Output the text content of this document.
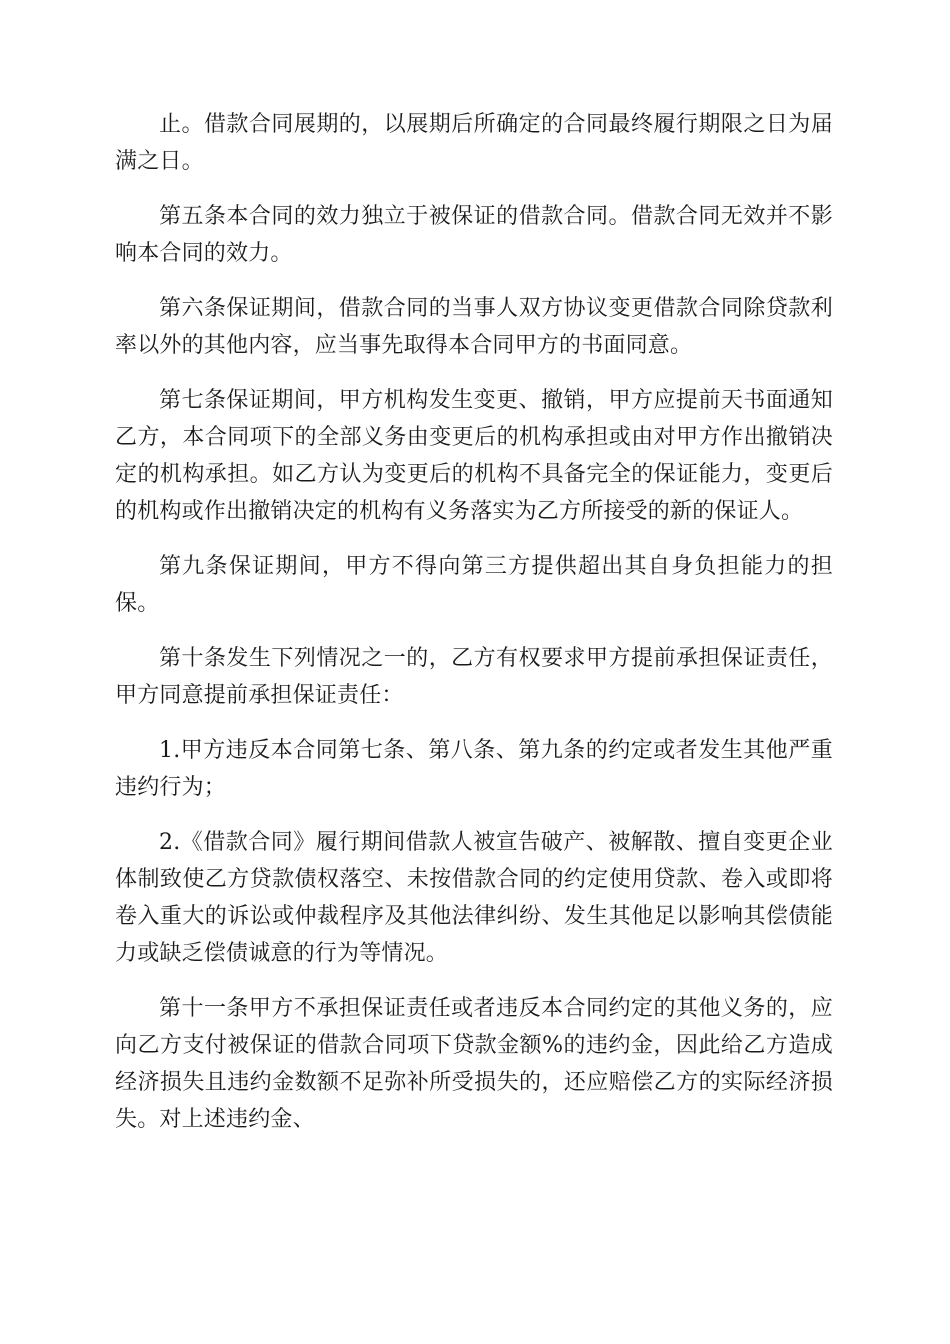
止。借款合同展期的，以展期后所确定的合同最终履行期限之日为届满之日。

第五条本合同的效力独立于被保证的借款合同。借款合同无效并不影响本合同的效力。

第六条保证期间，借款合同的当事人双方协议变更借款合同除贷款利率以外的其他内容，应当事先取得本合同甲方的书面同意。

第七条保证期间，甲方机构发生变更、撤销，甲方应提前天书面通知乙方，本合同项下的全部义务由变更后的机构承担或由对甲方作出撤销决定的机构承担。如乙方认为变更后的机构不具备完全的保证能力，变更后的机构或作出撤销决定的机构有义务落实为乙方所接受的新的保证人。

第九条保证期间，甲方不得向第三方提供超出其自身负担能力的担保。

第十条发生下列情况之一的，乙方有权要求甲方提前承担保证责任，甲方同意提前承担保证责任：

1.甲方违反本合同第七条、第八条、第九条的约定或者发生其他严重违约行为；

2.《借款合同》履行期间借款人被宣告破产、被解散、擅自变更企业体制致使乙方贷款债权落空、未按借款合同的约定使用贷款、卷入或即将卷入重大的诉讼或仲裁程序及其他法律纠纷、发生其他足以影响其偿债能力或缺乏偿债诚意的行为等情况。

第十一条甲方不承担保证责任或者违反本合同约定的其他义务的，应向乙方支付被保证的借款合同项下贷款金额%的违约金，因此给乙方造成经济损失且违约金数额不足弥补所受损失的，还应赔偿乙方的实际经济损失。对上述违约金、
